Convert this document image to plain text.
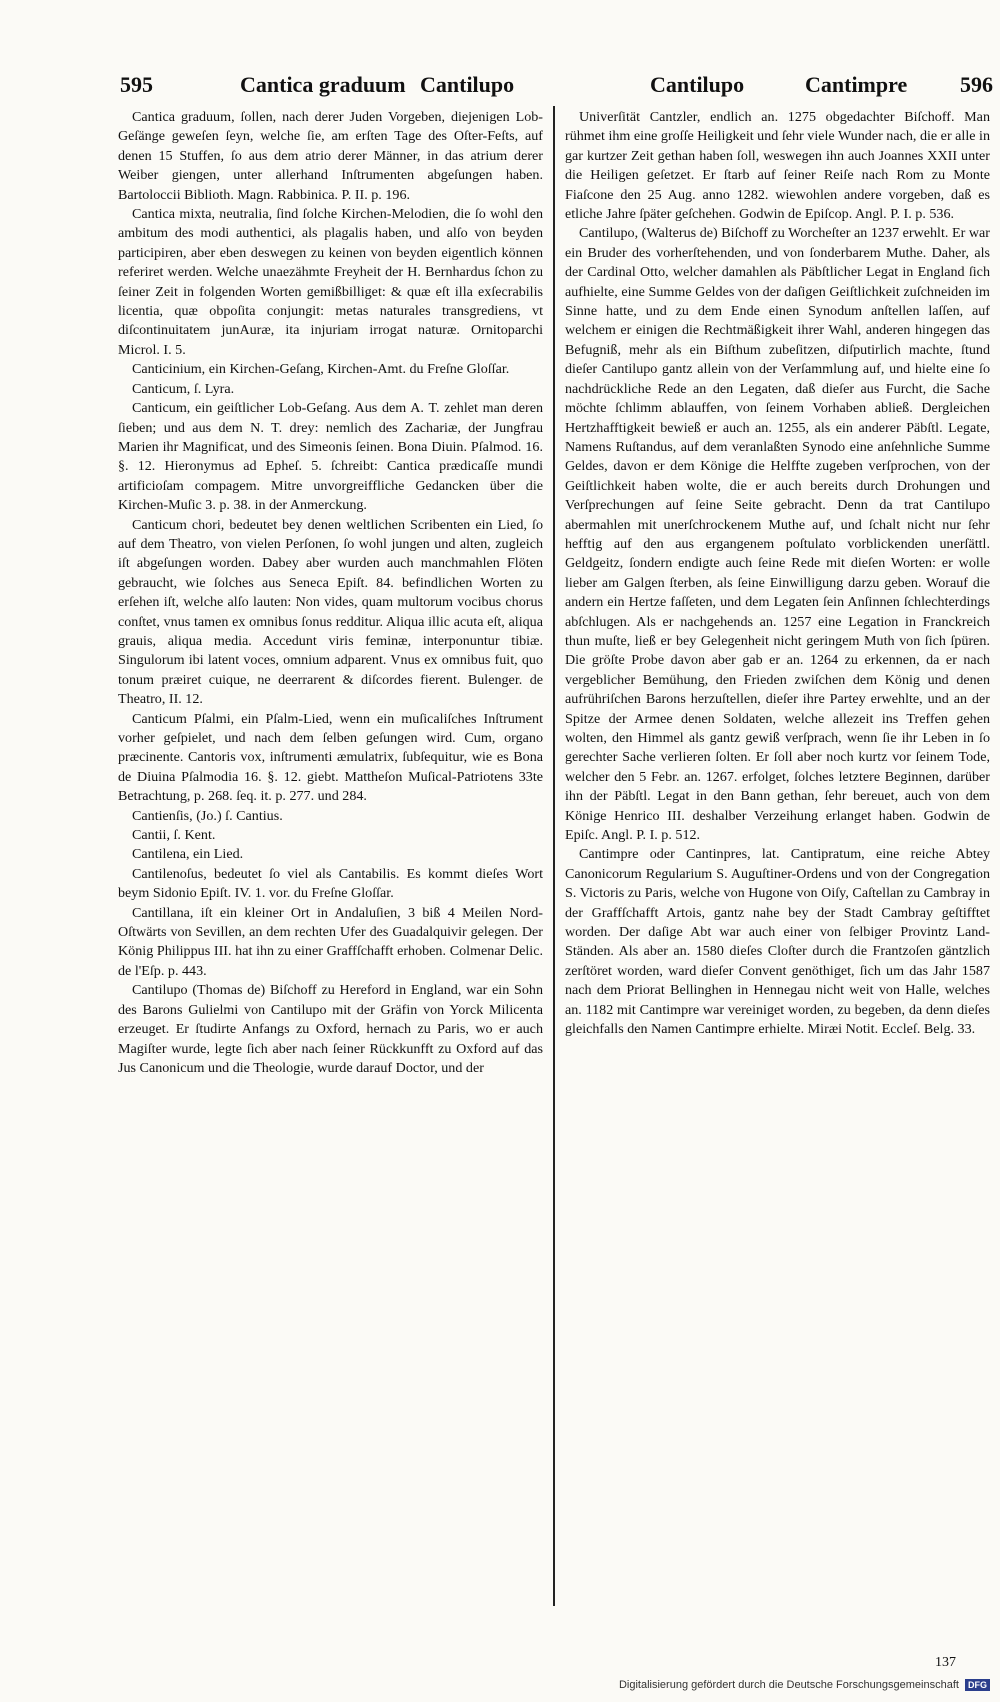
595	Cantica graduum Cantilupo	Cantilupo	Cantimpre 596

Cantica graduum, ſollen, nach derer Juden Vorgeben, diejenigen Lob-Geſänge geweſen ſeyn, welche ſie, am erſten Tage des Oſter-Feſts, auf denen 15 Stuffen, ſo aus dem atrio derer Männer, in das atrium derer Weiber giengen, unter allerhand Inſtrumenten abgeſungen haben. Bartoloccii Biblioth. Magn. Rabbinica. P. II. p. 196.

Cantica mixta, neutralia, ſind ſolche Kirchen-Melodien, die ſo wohl den ambitum des modi authentici, als plagalis haben, und alſo von beyden participiren, aber eben deswegen zu keinen von beyden eigentlich können referiret werden. Welche unaezähmte Freyheit der H. Bernhardus ſchon zu ſeiner Zeit in folgenden Worten gemißbilliget: & quæ eſt illa exſecrabilis licentia, quæ obpoſita conjungit: metas naturales transgrediens, vt diſcontinuitatem junAuræ, ita injuriam irrogat naturæ. Ornitoparchi Microl. I. 5.

Canticinium, ein Kirchen-Geſang, Kirchen-Amt. du Freſne Gloſſar.

Canticum, ſ. Lyra.

Canticum, ein geiſtlicher Lob-Geſang. Aus dem A. T. zehlet man deren ſieben; und aus dem N. T. drey: nemlich des Zachariæ, der Jungfrau Marien ihr Magnificat, und des Simeonis ſeinen. Bona Diuin. Pſalmod. 16. §. 12. Hieronymus ad Epheſ. 5. ſchreibt: Cantica prædicaſſe mundi artificioſam compagem. Mitre unvorgreiffliche Gedancken über die Kirchen-Muſic 3. p. 38. in der Anmerckung.

Canticum chori, bedeutet bey denen weltlichen Scribenten ein Lied, ſo auf dem Theatro, von vielen Perſonen, ſo wohl jungen und alten, zugleich iſt abgeſungen worden. Dabey aber wurden auch manchmahlen Flöten gebraucht, wie ſolches aus Seneca Epiſt. 84. befindlichen Worten zu erſehen iſt, welche alſo lauten: Non vides, quam multorum vocibus chorus conſtet, vnus tamen ex omnibus ſonus redditur. Aliqua illic acuta eſt, aliqua grauis, aliqua media. Accedunt viris feminæ, interponuntur tibiæ. Singulorum ibi latent voces, omnium adparent. Vnus ex omnibus fuit, quo tonum præiret cuique, ne deerrarent & diſcordes fierent. Bulenger. de Theatro, II. 12.

Canticum Pſalmi, ein Pſalm-Lied, wenn ein muſicaliſches Inſtrument vorher geſpielet, und nach dem ſelben geſungen wird. Cum, organo præcinente. Cantoris vox, inſtrumenti æmulatrix, ſubſequitur, wie es Bona de Diuina Pſalmodia 16. §. 12. giebt. Mattheſon Muſical-Patriotens 33te Betrachtung, p. 268. ſeq. it. p. 277. und 284.

Cantienſis, (Jo.) ſ. Cantius.

Cantii, ſ. Kent.

Cantilena, ein Lied.

Cantilenoſus, bedeutet ſo viel als Cantabilis. Es kommt dieſes Wort beym Sidonio Epiſt. IV. 1. vor. du Freſne Gloſſar.

Cantillana, iſt ein kleiner Ort in Andaluſien, 3 biß 4 Meilen Nord-Oſtwärts von Sevillen, an dem rechten Ufer des Guadalquivir gelegen. Der König Philippus III. hat ihn zu einer Graffſchafft erhoben. Colmenar Delic. de l'Eſp. p. 443.

Cantilupo (Thomas de) Biſchoff zu Hereford in England, war ein Sohn des Barons Gulielmi von Cantilupo mit der Gräfin von Yorck Milicenta erzeuget. Er ſtudirte Anfangs zu Oxford, hernach zu Paris, wo er auch Magiſter wurde, legte ſich aber nach ſeiner Rückkunfft zu Oxford auf das Jus Canonicum und die Theologie, wurde darauf Doctor, und der

Univerſität Cantzler, endlich an. 1275 obgedachter Biſchoff. Man rühmet ihm eine groſſe Heiligkeit und ſehr viele Wunder nach, die er alle in gar kurtzer Zeit gethan haben ſoll, weswegen ihn auch Joannes XXII unter die Heiligen geſetzet. Er ſtarb auf ſeiner Reiſe nach Rom zu Monte Fiaſcone den 25 Aug. anno 1282. wiewohlen andere vorgeben, daß es etliche Jahre ſpäter geſchehen. Godwin de Epiſcop. Angl. P. I. p. 536.

Cantilupo, (Walterus de) Biſchoff zu Worcheſter an 1237 erwehlt. Er war ein Bruder des vorherſtehenden, und von ſonderbarem Muthe. Daher, als der Cardinal Otto, welcher damahlen als Päbſtlicher Legat in England ſich aufhielte, eine Summe Geldes von der daſigen Geiſtlichkeit zuſchneiden im Sinne hatte, und zu dem Ende einen Synodum anſtellen laſſen, auf welchem er einigen die Rechtmäßigkeit ihrer Wahl, anderen hingegen das Befugniß, mehr als ein Biſthum zubeſitzen, diſputirlich machte, ſtund dieſer Cantilupo gantz allein von der Verſammlung auf, und hielte eine ſo nachdrückliche Rede an den Legaten, daß dieſer aus Furcht, die Sache möchte ſchlimm ablauffen, von ſeinem Vorhaben abließ. Dergleichen Hertzhafftigkeit bewieß er auch an. 1255, als ein anderer Päbſtl. Legate, Namens Ruſtandus, auf dem veranlaßten Synodo eine anſehnliche Summe Geldes, davon er dem Könige die Helffte zugeben verſprochen, von der Geiſtlichkeit haben wolte, die er auch bereits durch Drohungen und Verſprechungen auf ſeine Seite gebracht. Denn da trat Cantilupo abermahlen mit unerſchrockenem Muthe auf, und ſchalt nicht nur ſehr hefftig auf den aus ergangenem poſtulato vorblickenden unerſättl. Geldgeitz, ſondern endigte auch ſeine Rede mit dieſen Worten: er wolle lieber am Galgen ſterben, als ſeine Einwilligung darzu geben. Worauf die andern ein Hertze faſſeten, und dem Legaten ſein Anſinnen ſchlechterdings abſchlugen. Als er nachgehends an. 1257 eine Legation in Franckreich thun muſte, ließ er bey Gelegenheit nicht geringem Muth von ſich ſpüren. Die gröſte Probe davon aber gab er an. 1264 zu erkennen, da er nach vergeblicher Bemühung, den Frieden zwiſchen dem König und denen aufrühriſchen Barons herzuſtellen, dieſer ihre Partey erwehlte, und an der Spitze der Armee denen Soldaten, welche allezeit ins Treffen gehen wolten, den Himmel als gantz gewiß verſprach, wenn ſie ihr Leben in ſo gerechter Sache verlieren ſolten. Er ſoll aber noch kurtz vor ſeinem Tode, welcher den 5 Febr. an. 1267. erfolget, ſolches letztere Beginnen, darüber ihn der Päbſtl. Legat in den Bann gethan, ſehr bereuet, auch von dem Könige Henrico III. deshalber Verzeihung erlanget haben. Godwin de Epiſc. Angl. P. I. p. 512.

Cantimpre oder Cantinpres, lat. Cantipratum, eine reiche Abtey Canonicorum Regularium S. Auguſtiner-Ordens und von der Congregation S. Victoris zu Paris, welche von Hugone von Oiſy, Caſtellan zu Cambray in der Graffſchafft Artois, gantz nahe bey der Stadt Cambray geſtifftet worden. Der daſige Abt war auch einer von ſelbiger Provintz Land-Ständen. Als aber an. 1580 dieſes Cloſter durch die Frantzoſen gäntzlich zerſtöret worden, ward dieſer Convent genöthiget, ſich um das Jahr 1587 nach dem Priorat Bellinghen in Hennegau nicht weit von Halle, welches an. 1182 mit Cantimpre war vereiniget worden, zu begeben, da denn dieſes gleichfalls den Namen Cantimpre erhielte. Miræi Notit. Eccleſ. Belg. 33.

137
Digitalisierung gefördert durch die Deutsche Forschungsgemeinschaft DFG
